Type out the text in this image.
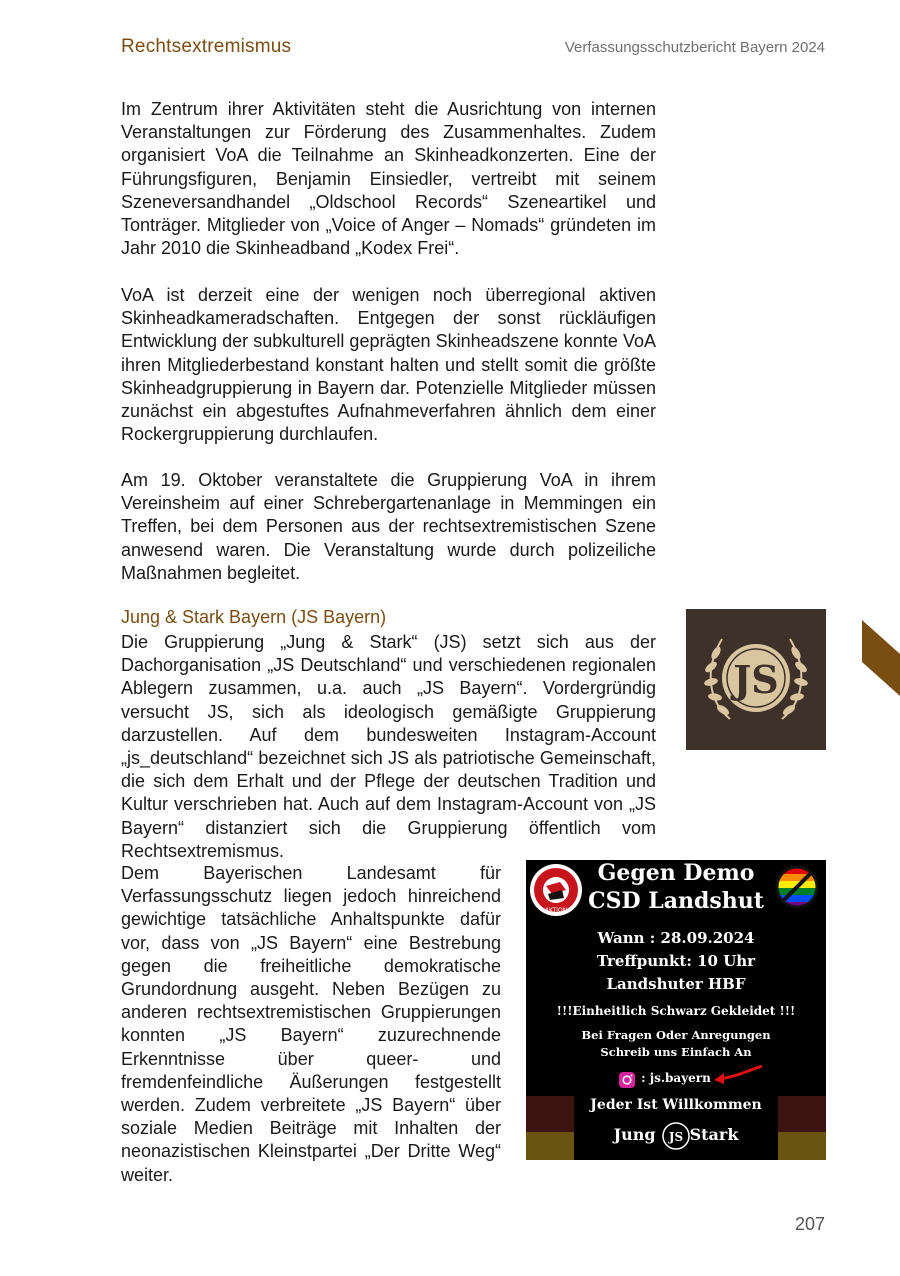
Rechtsextremismus	Verfassungsschutzbericht Bayern 2024

Im Zentrum ihrer Aktivitäten steht die Ausrichtung von internen Veranstaltungen zur Förderung des Zusammenhaltes. Zudem organisiert VoA die Teilnahme an Skinheadkonzerten. Eine der Führungsfiguren, Benjamin Einsiedler, vertreibt mit seinem Szeneversandhandel „Oldschool Records“ Szeneartikel und Tonträger. Mitglieder von „Voice of Anger – Nomads“ gründeten im Jahr 2010 die Skinheadband „Kodex Frei“.

VoA ist derzeit eine der wenigen noch überregional aktiven Skinheadkameradschaften. Entgegen der sonst rückläufigen Entwicklung der subkulturell geprägten Skinheadszene konnte VoA ihren Mitgliederbestand konstant halten und stellt somit die größte Skinheadgruppierung in Bayern dar. Potenzielle Mitglieder müssen zunächst ein abgestuftes Aufnahmeverfahren ähnlich dem einer Rockergruppierung durchlaufen.

Am 19. Oktober veranstaltete die Gruppierung VoA in ihrem Vereinsheim auf einer Schrebergartenanlage in Memmingen ein Treffen, bei dem Personen aus der rechtsextremistischen Szene anwesend waren. Die Veranstaltung wurde durch polizeiliche Maßnahmen begleitet.

Jung & Stark Bayern (JS Bayern)

Die Gruppierung „Jung & Stark“ (JS) setzt sich aus der Dachorganisation „JS Deutschland“ und verschiedenen regionalen Ablegern zusammen, u.a. auch „JS Bayern“. Vordergründig versucht JS, sich als ideologisch gemäßigte Gruppierung darzustellen. Auf dem bundesweiten Instagram-Account „js_deutschland“ bezeichnet sich JS als patriotische Gemeinschaft, die sich dem Erhalt und der Pflege der deutschen Tradition und Kultur verschrieben hat. Auch auf dem Instagram-Account von „JS Bayern“ distanziert sich die Gruppierung öffentlich vom Rechtsextremismus.

Dem Bayerischen Landesamt für Verfassungsschutz liegen jedoch hinreichend gewichtige tatsächliche Anhaltspunkte dafür vor, dass von „JS Bayern“ eine Bestrebung gegen die freiheitliche demokratische Grundordnung ausgeht. Neben Bezügen zu anderen rechtsextremistischen Gruppierungen konnten „JS Bayern“ zuzurechnende Erkenntnisse über queer- und fremdenfeindliche Äußerungen festgestellt werden. Zudem verbreitete „JS Bayern“ über soziale Medien Beiträge mit Inhalten der neonazistischen Kleinstpartei „Der Dritte Weg“ weiter.

JS
AKTION
Gegen Demo
CSD Landshut
Wann : 28.09.2024
Treffpunkt: 10 Uhr
Landshuter HBF
!!!Einheitlich Schwarz Gekleidet !!!
Bei Fragen Oder Anregungen
Schreib uns Einfach An
: js.bayern
Jeder Ist Willkommen
Jung Stark
JS
207
